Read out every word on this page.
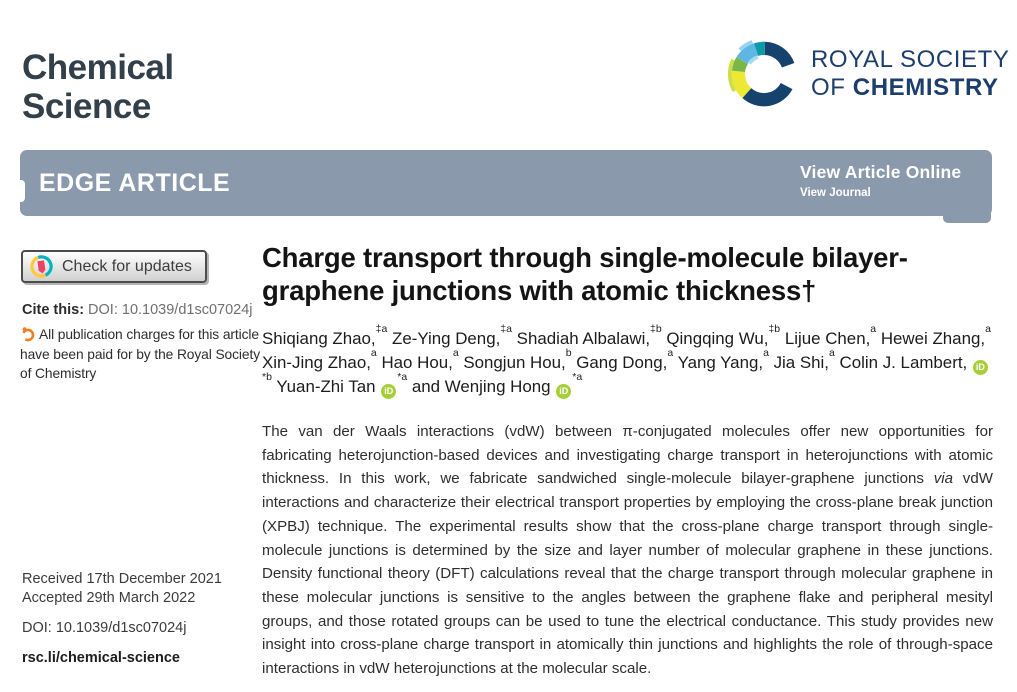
Chemical
Science
ROYAL SOCIETY
OF CHEMISTRY
EDGE ARTICLE	View Article Online
View Journal
Check for updates
Cite this: DOI: 10.1039/d1sc07024j
All publication charges for this article have been paid for by the Royal Society of Chemistry
Received 17th December 2021
Accepted 29th March 2022
DOI: 10.1039/d1sc07024j
rsc.li/chemical-science
Charge transport through single-molecule bilayer-
graphene junctions with atomic thickness†
Shiqiang Zhao,$^{\ddagger a}$ Ze-Ying Deng,$^{\ddagger a}$ Shadiah Albalawi,$^{\ddagger b}$ Qingqing Wu,$^{\ddagger b}$ Lijue Chen,$^a$ Hewei Zhang,$^a$ Xin-Jing Zhao,$^a$ Hao Hou,$^a$ Songjun Hou,$^b$ Gang Dong,$^a$ Yang Yang,$^a$ Jia Shi,$^a$ Colin J. Lambert, $iD^{*b}$ Yuan-Zhi Tan $iD^{*a}$ and Wenjing Hong $iD^{*a}$
The van der Waals interactions (vdW) between π-conjugated molecules offer new opportunities for fabricating heterojunction-based devices and investigating charge transport in heterojunctions with atomic thickness. In this work, we fabricate sandwiched single-molecule bilayer-graphene junctions via vdW interactions and characterize their electrical transport properties by employing the cross-plane break junction (XPBJ) technique. The experimental results show that the cross-plane charge transport through single-molecule junctions is determined by the size and layer number of molecular graphene in these junctions. Density functional theory (DFT) calculations reveal that the charge transport through molecular graphene in these molecular junctions is sensitive to the angles between the graphene flake and peripheral mesityl groups, and those rotated groups can be used to tune the electrical conductance. This study provides new insight into cross-plane charge transport in atomically thin junctions and highlights the role of through-space interactions in vdW heterojunctions at the molecular scale.
